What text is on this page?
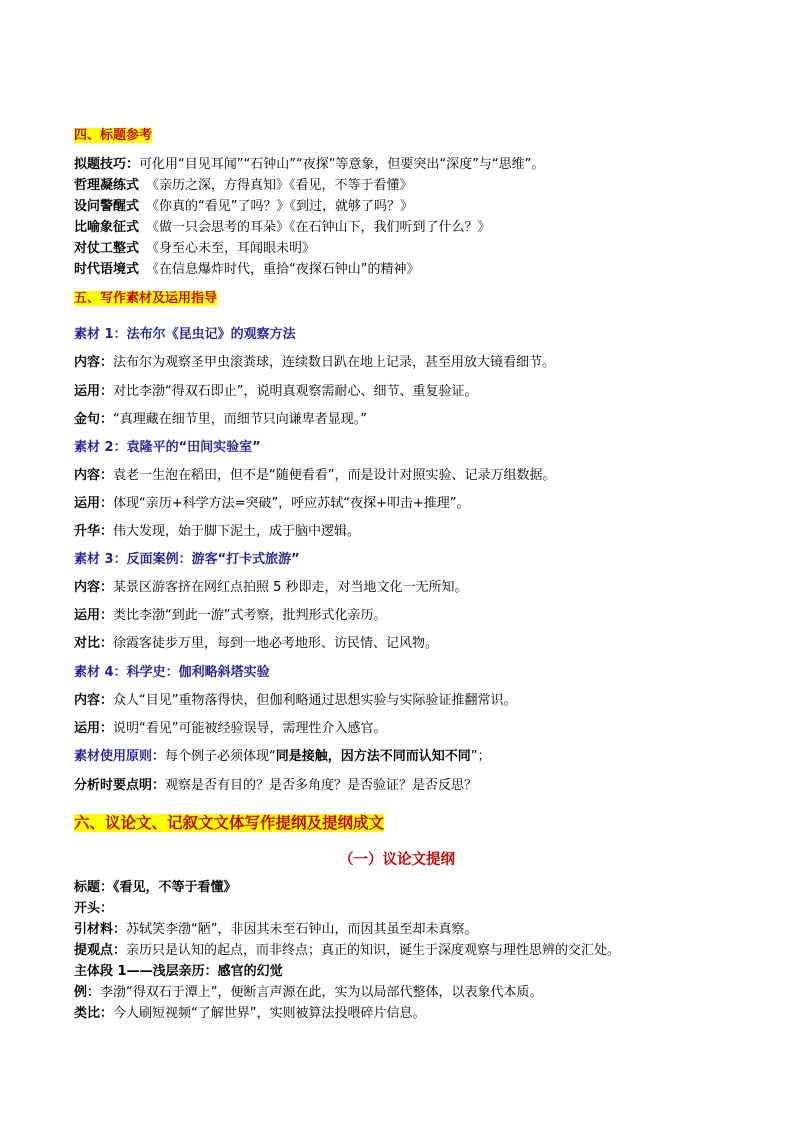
四、标题参考
拟题技巧：可化用“目见耳闻”“石钟山”“夜探”等意象，但要突出“深度”与“思维”。
哲理凝练式 《亲历之深，方得真知》《看见，不等于看懂》
设问警醒式 《你真的“看见”了吗？》《到过，就够了吗？》
比喻象征式 《做一只会思考的耳朵》《在石钟山下，我们听到了什么？》
对仗工整式 《身至心未至，耳闻眼未明》
时代语境式 《在信息爆炸时代，重拾“夜探石钟山”的精神》
五、写作素材及运用指导
素材 1：法布尔《昆虫记》的观察方法
内容：法布尔为观察圣甲虫滚粪球，连续数日趴在地上记录，甚至用放大镜看细节。
运用：对比李渤“得双石即止”，说明真观察需耐心、细节、重复验证。
金句：“真理藏在细节里，而细节只向谦卑者显现。”
素材 2：袁隆平的“田间实验室”
内容：袁老一生泡在稻田，但不是“随便看看”，而是设计对照实验、记录万组数据。
运用：体现“亲历+科学方法=突破”，呼应苏轼“夜探+叩击+推理”。
升华：伟大发现，始于脚下泥土，成于脑中逻辑。
素材 3：反面案例：游客“打卡式旅游”
内容：某景区游客挤在网红点拍照 5 秒即走，对当地文化一无所知。
运用：类比李渤“到此一游”式考察，批判形式化亲历。
对比：徐霞客徒步万里，每到一地必考地形、访民情、记风物。
素材 4：科学史：伽利略斜塔实验
内容：众人“目见”重物落得快，但伽利略通过思想实验与实际验证推翻常识。
运用：说明“看见”可能被经验误导，需理性介入感官。
素材使用原则：每个例子必须体现“同是接触，因方法不同而认知不同”；
分析时要点明：观察是否有目的？是否多角度？是否验证？是否反思？
六、议论文、记叙文文体写作提纲及提纲成文
（一）议论文提纲
标题：《看见，不等于看懂》
开头：
引材料：苏轼笑李渤“陋”，非因其未至石钟山，而因其虽至却未真察。
提观点：亲历只是认知的起点，而非终点；真正的知识，诞生于深度观察与理性思辨的交汇处。
主体段 1——浅层亲历：感官的幻觉
例：李渤“得双石于潭上”，便断言声源在此，实为以局部代整体，以表象代本质。
类比：今人刷短视频“了解世界”，实则被算法投喂碎片信息。
